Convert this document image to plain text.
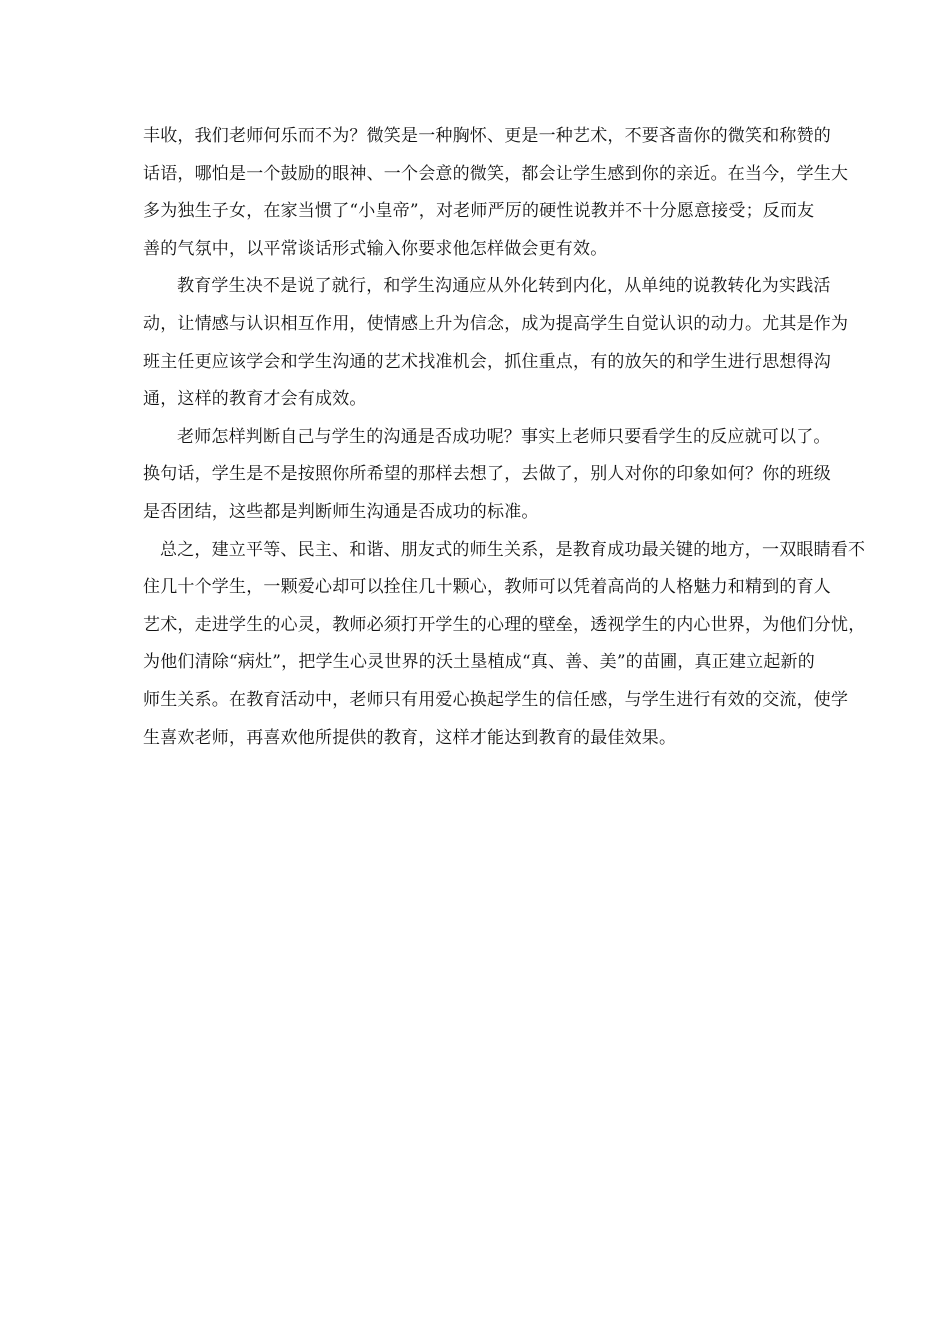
丰收，我们老师何乐而不为？微笑是一种胸怀、更是一种艺术，不要吝啬你的微笑和称赞的
话语，哪怕是一个鼓励的眼神、一个会意的微笑，都会让学生感到你的亲近。在当今，学生大
多为独生子女，在家当惯了“小皇帝”，对老师严厉的硬性说教并不十分愿意接受；反而友
善的气氛中，以平常谈话形式输入你要求他怎样做会更有效。
教育学生决不是说了就行，和学生沟通应从外化转到内化，从单纯的说教转化为实践活
动，让情感与认识相互作用，使情感上升为信念，成为提高学生自觉认识的动力。尤其是作为
班主任更应该学会和学生沟通的艺术找准机会，抓住重点，有的放矢的和学生进行思想得沟
通，这样的教育才会有成效。
老师怎样判断自己与学生的沟通是否成功呢？事实上老师只要看学生的反应就可以了。
换句话，学生是不是按照你所希望的那样去想了，去做了，别人对你的印象如何？你的班级
是否团结，这些都是判断师生沟通是否成功的标准。
总之，建立平等、民主、和谐、朋友式的师生关系，是教育成功最关键的地方，一双眼睛看不
住几十个学生，一颗爱心却可以拴住几十颗心，教师可以凭着高尚的人格魅力和精到的育人
艺术，走进学生的心灵，教师必须打开学生的心理的壁垒，透视学生的内心世界，为他们分忧，
为他们清除“病灶”，把学生心灵世界的沃土垦植成“真、善、美”的苗圃，真正建立起新的
师生关系。在教育活动中，老师只有用爱心换起学生的信任感，与学生进行有效的交流，使学
生喜欢老师，再喜欢他所提供的教育，这样才能达到教育的最佳效果。
